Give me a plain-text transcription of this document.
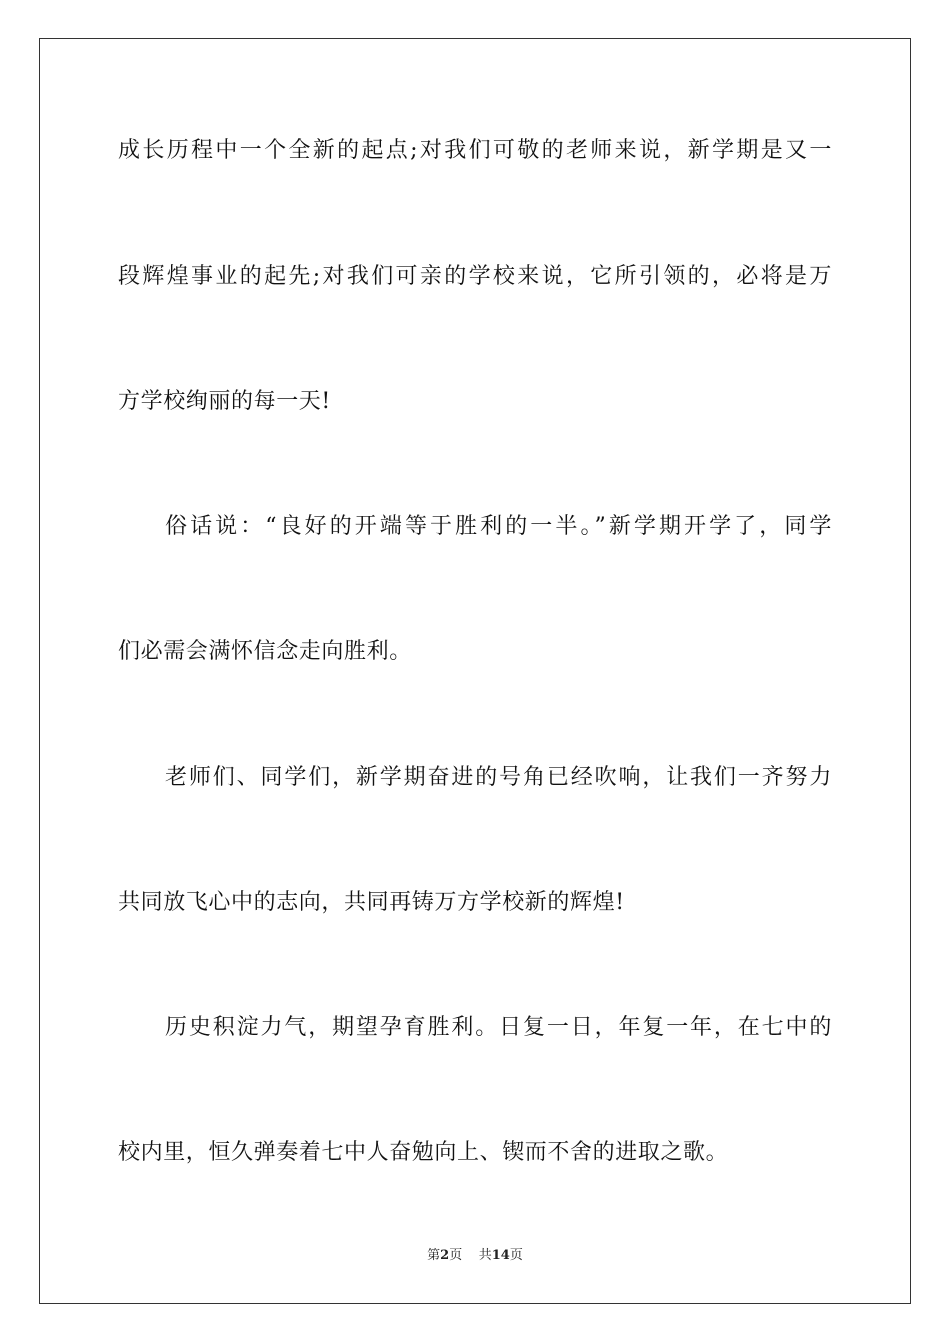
成长历程中一个全新的起点;对我们可敬的老师来说，新学期是又一
段辉煌事业的起先;对我们可亲的学校来说，它所引领的，必将是万
方学校绚丽的每一天!
俗话说：“良好的开端等于胜利的一半。”新学期开学了，同学
们必需会满怀信念走向胜利。
老师们、同学们，新学期奋进的号角已经吹响，让我们一齐努力
共同放飞心中的志向，共同再铸万方学校新的辉煌!
历史积淀力气，期望孕育胜利。日复一日，年复一年，在七中的
校内里，恒久弹奏着七中人奋勉向上、锲而不舍的进取之歌。
第2页 共14页
